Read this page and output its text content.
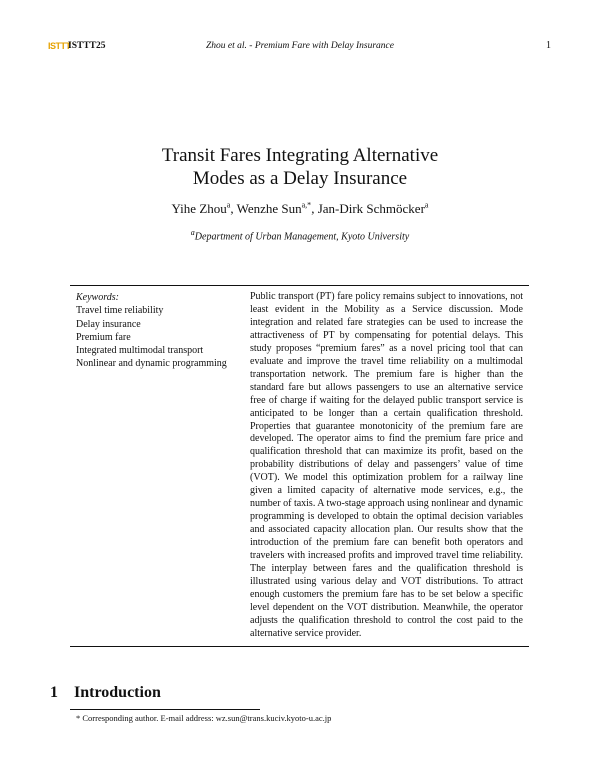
ISTTT
ISTTT25	Zhou et al. - Premium Fare with Delay Insurance	1
Transit Fares Integrating Alternative
Modes as a Delay Insurance
Yihe Zhou$^a$, Wenzhe Sun$^{a,*}$, Jan-Dirk Schmöcker$^a$
$^a$Department of Urban Management, Kyoto University
Keywords:
Travel time reliability
Delay insurance
Premium fare
Integrated multimodal transport
Nonlinear and dynamic programming
Public transport (PT) fare policy remains subject to innovations, not least evident in the Mobility as a Service discussion. Mode integration and related fare strategies can be used to increase the attractiveness of PT by compensating for potential delays. This study proposes “premium fares” as a novel pricing tool that can evaluate and improve the travel time reliability on a multimodal transportation network. The premium fare is higher than the standard fare but allows passengers to use an alternative service free of charge if waiting for the delayed public transport service is anticipated to be longer than a certain qualification threshold. Properties that guarantee monotonicity of the premium fare are developed. The operator aims to find the premium fare price and qualification threshold that can maximize its profit, based on the probability distributions of delay and passengers’ value of time (VOT). We model this optimization problem for a railway line given a limited capacity of alternative mode services, e.g., the number of taxis. A two-stage approach using nonlinear and dynamic programming is developed to obtain the optimal decision variables and associated capacity allocation plan. Our results show that the introduction of the premium fare can benefit both operators and travelers with increased profits and improved travel time reliability. The interplay between fares and the qualification threshold is illustrated using various delay and VOT distributions. To attract enough customers the premium fare has to be set below a specific level dependent on the VOT distribution. Meanwhile, the operator adjusts the qualification threshold to control the cost paid to the alternative service provider.
1 Introduction
* Corresponding author. E-mail address: wz.sun@trans.kuciv.kyoto-u.ac.jp
